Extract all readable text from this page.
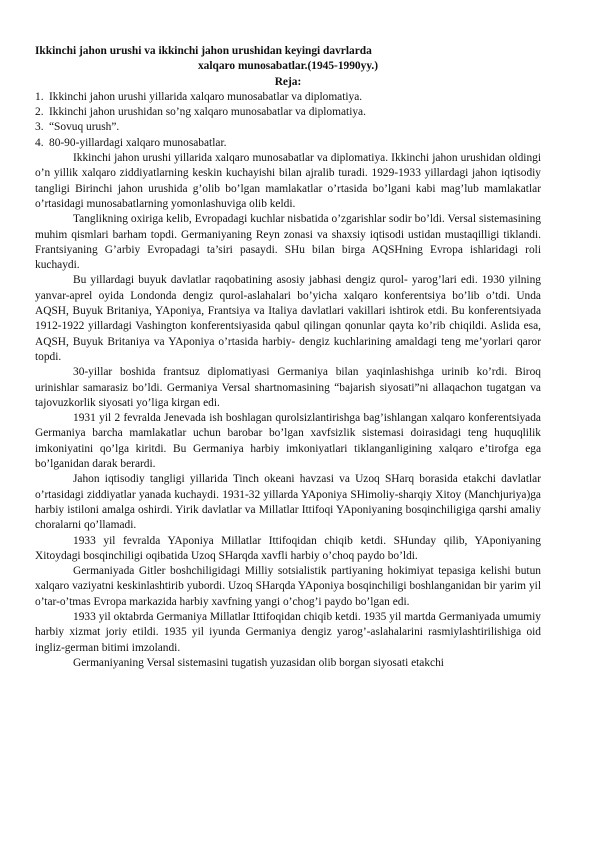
Ikkinchi jahon urushi va ikkinchi jahon urushidan keyingi davrlarda
xalqaro munosabatlar.(1945-1990yy.)
Reja:
1. Ikkinchi jahon urushi yillarida xalqaro munosabatlar va diplomatiya.
2. Ikkinchi jahon urushidan so’ng xalqaro munosabatlar va diplomatiya.
3. “Sovuq urush”.
4. 80-90-yillardagi xalqaro munosabatlar.

Ikkinchi jahon urushi yillarida xalqaro munosabatlar va diplomatiya. Ikkinchi jahon urushidan oldingi o’n yillik xalqaro ziddiyatlarning keskin kuchayishi bilan ajralib turadi. 1929-1933 yillardagi jahon iqtisodiy tangligi Birinchi jahon urushida g’olib bo’lgan mamlakatlar o’rtasida bo’lgani kabi mag’lub mamlakatlar o’rtasidagi munosabatlarning yomonlashuviga olib keldi.

Tanglikning oxiriga kelib, Evropadagi kuchlar nisbatida o’zgarishlar sodir bo’ldi. Versal sistemasining muhim qismlari barham topdi. Germaniyaning Reyn zonasi va shaxsiy iqtisodi ustidan mustaqilligi tiklandi. Frantsiyaning G’arbiy Evropadagi ta’siri pasaydi. SHu bilan birga AQSHning Evropa ishlaridagi roli kuchaydi.

Bu yillardagi buyuk davlatlar raqobatining asosiy jabhasi dengiz qurol- yarog’lari edi. 1930 yilning yanvar-aprel oyida Londonda dengiz qurol-aslahalari bo’yicha xalqaro konferentsiya bo’lib o’tdi. Unda AQSH, Buyuk Britaniya, YAponiya, Frantsiya va Italiya davlatlari vakillari ishtirok etdi. Bu konferentsiyada 1912-1922 yillardagi Vashington konferentsiyasida qabul qilingan qonunlar qayta ko’rib chiqildi. Aslida esa, AQSH, Buyuk Britaniya va YAponiya o’rtasida harbiy- dengiz kuchlarining amaldagi teng me’yorlari qaror topdi.

30-yillar boshida frantsuz diplomatiyasi Germaniya bilan yaqinlashishga urinib ko’rdi. Biroq urinishlar samarasiz bo’ldi. Germaniya Versal shartnomasining “bajarish siyosati”ni allaqachon tugatgan va tajovuzkorlik siyosati yo’liga kirgan edi.

1931 yil 2 fevralda Jenevada ish boshlagan qurolsizlantirishga bag’ishlangan xalqaro konferentsiyada Germaniya barcha mamlakatlar uchun barobar bo’lgan xavfsizlik sistemasi doirasidagi teng huquqlilik imkoniyatini qo’lga kiritdi. Bu Germaniya harbiy imkoniyatlari tiklanganligining xalqaro e’tirofga ega bo’lganidan darak berardi.

Jahon iqtisodiy tangligi yillarida Tinch okeani havzasi va Uzoq SHarq borasida etakchi davlatlar o’rtasidagi ziddiyatlar yanada kuchaydi. 1931-32 yillarda YAponiya SHimoliy-sharqiy Xitoy (Manchjuriya)ga harbiy istiloni amalga oshirdi. Yirik davlatlar va Millatlar Ittifoqi YAponiyaning bosqinchiligiga qarshi amaliy choralarni qo’llamadi.

1933 yil fevralda YAponiya Millatlar Ittifoqidan chiqib ketdi. SHunday qilib, YAponiyaning Xitoydagi bosqinchiligi oqibatida Uzoq SHarqda xavfli harbiy o’choq paydo bo’ldi.

Germaniyada Gitler boshchiligidagi Milliy sotsialistik partiyaning hokimiyat tepasiga kelishi butun xalqaro vaziyatni keskinlashtirib yubordi. Uzoq SHarqda YAponiya bosqinchiligi boshlanganidan bir yarim yil o’tar-o’tmas Evropa markazida harbiy xavfning yangi o’chog’i paydo bo’lgan edi.

1933 yil oktabrda Germaniya Millatlar Ittifoqidan chiqib ketdi. 1935 yil martda Germaniyada umumiy harbiy xizmat joriy etildi. 1935 yil iyunda Germaniya dengiz yarog’-aslahalarini rasmiylashtirilishiga oid ingliz-german bitimi imzolandi.

Germaniyaning Versal sistemasini tugatish yuzasidan olib borgan siyosati etakchi
